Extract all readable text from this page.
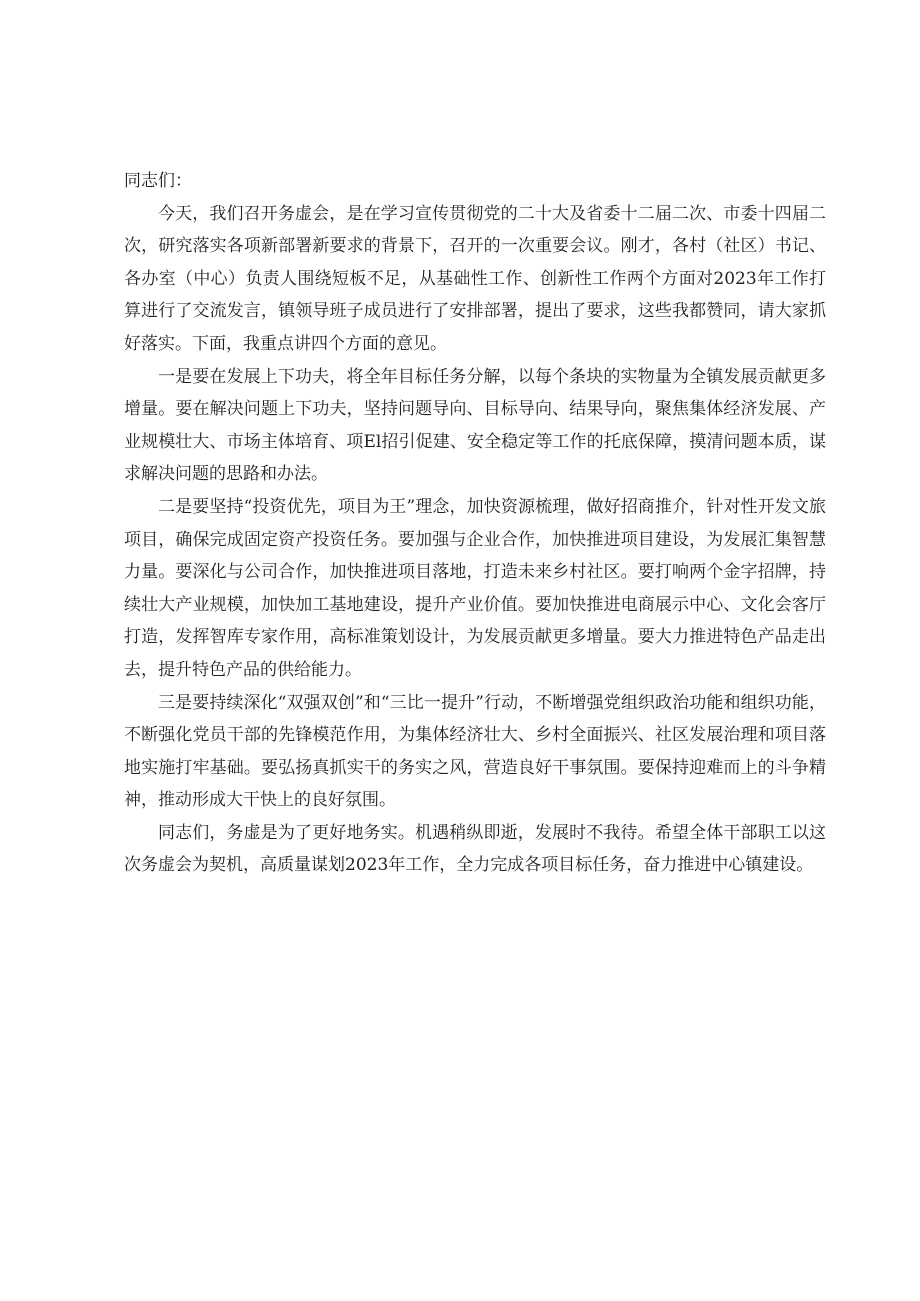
同志们：

今天，我们召开务虚会，是在学习宣传贯彻党的二十大及省委十二届二次、市委十四届二次，研究落实各项新部署新要求的背景下，召开的一次重要会议。刚才，各村（社区）书记、各办室（中心）负责人围绕短板不足，从基础性工作、创新性工作两个方面对2023年工作打算进行了交流发言，镇领导班子成员进行了安排部署，提出了要求，这些我都赞同，请大家抓好落实。下面，我重点讲四个方面的意见。

一是要在发展上下功夫，将全年目标任务分解，以每个条块的实物量为全镇发展贡献更多增量。要在解决问题上下功夫，坚持问题导向、目标导向、结果导向，聚焦集体经济发展、产业规模壮大、市场主体培育、项El招引促建、安全稳定等工作的托底保障，摸清问题本质，谋求解决问题的思路和办法。

二是要坚持“投资优先，项目为王”理念，加快资源梳理，做好招商推介，针对性开发文旅项目，确保完成固定资产投资任务。要加强与企业合作，加快推进项目建设，为发展汇集智慧力量。要深化与公司合作，加快推进项目落地，打造未来乡村社区。要打响两个金字招牌，持续壮大产业规模，加快加工基地建设，提升产业价值。要加快推进电商展示中心、文化会客厅打造，发挥智库专家作用，高标准策划设计，为发展贡献更多增量。要大力推进特色产品走出去，提升特色产品的供给能力。

三是要持续深化“双强双创”和“三比一提升”行动，不断增强党组织政治功能和组织功能，不断强化党员干部的先锋模范作用，为集体经济壮大、乡村全面振兴、社区发展治理和项目落地实施打牢基础。要弘扬真抓实干的务实之风，营造良好干事氛围。要保持迎难而上的斗争精神，推动形成大干快上的良好氛围。

同志们，务虚是为了更好地务实。机遇稍纵即逝，发展时不我待。希望全体干部职工以这次务虚会为契机，高质量谋划2023年工作，全力完成各项目标任务，奋力推进中心镇建设。
